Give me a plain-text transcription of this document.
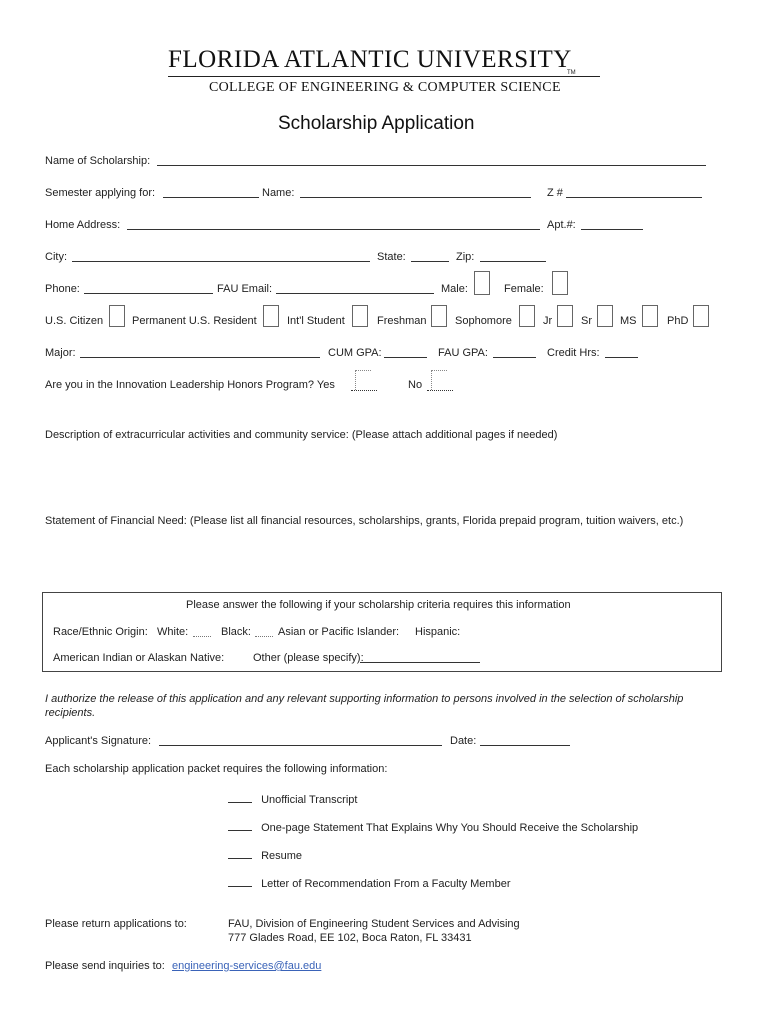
FLORIDA ATLANTIC UNIVERSITY
TM
COLLEGE OF ENGINEERING & COMPUTER SCIENCE
Scholarship Application
Name of Scholarship:
Semester applying for:	Name:	Z #
Home Address:	Apt.#:
City:	State:	Zip:
Phone:	FAU Email:	Male:	Female:
U.S. Citizen	Permanent U.S. Resident	Int'l Student	Freshman	Sophomore	Jr	Sr	MS	PhD
Major:	CUM GPA:	FAU GPA:	Credit Hrs:
Are you in the Innovation Leadership Honors Program? Yes	No
Description of extracurricular activities and community service: (Please attach additional pages if needed)
Statement of Financial Need: (Please list all financial resources, scholarships, grants, Florida prepaid program, tuition waivers, etc.)
Please answer the following if your scholarship criteria requires this information
Race/Ethnic Origin: White:	Black: Asian or Pacific Islander: Hispanic:
American Indian or Alaskan Native:	Other (please specify):
I authorize the release of this application and any relevant supporting information to persons involved in the selection of scholarship recipients.
Applicant's Signature:	Date:
Each scholarship application packet requires the following information:
Unofficial Transcript
One-page Statement That Explains Why You Should Receive the Scholarship
Resume
Letter of Recommendation From a Faculty Member
Please return applications to:	FAU, Division of Engineering Student Services and Advising
777 Glades Road, EE 102, Boca Raton, FL 33431
Please send inquiries to: engineering-services@fau.edu
